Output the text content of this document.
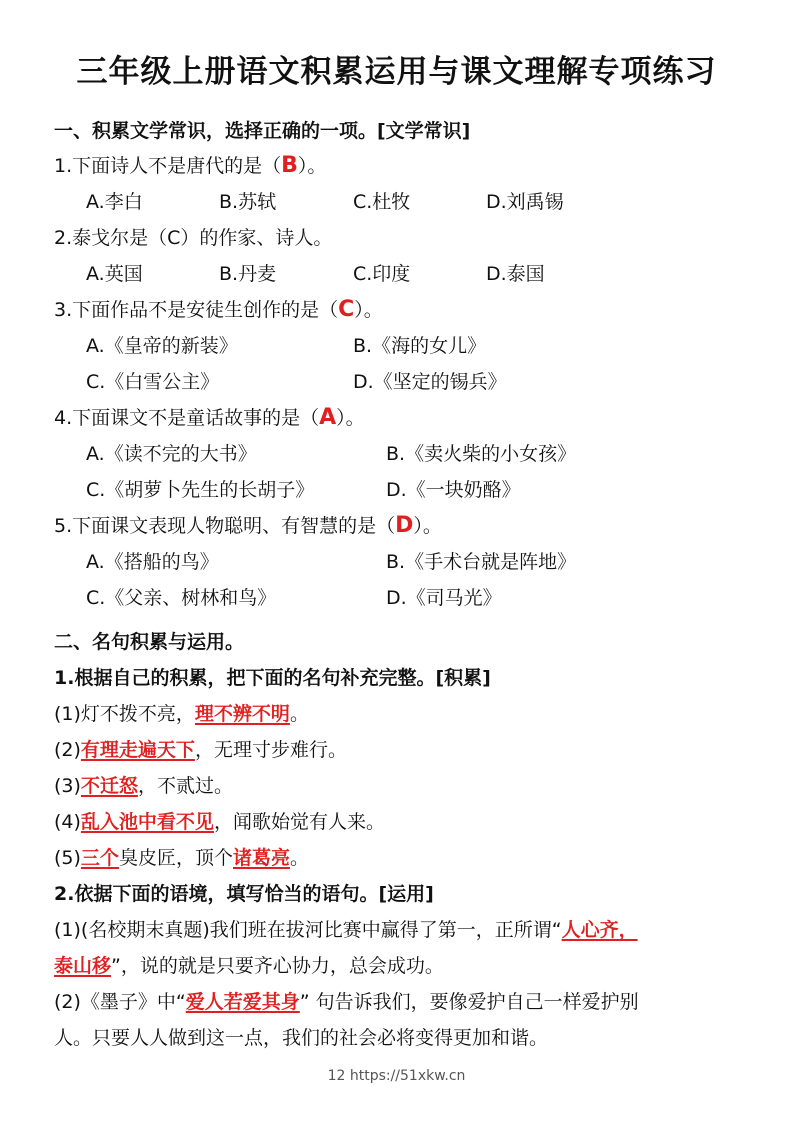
三年级上册语文积累运用与课文理解专项练习
一、积累文学常识，选择正确的一项。[文学常识]
1.下面诗人不是唐代的是（B）。
A.李白	B.苏轼	C.杜牧	D.刘禹锡
2.泰戈尔是（C）的作家、诗人。
A.英国	B.丹麦	C.印度	D.泰国
3.下面作品不是安徒生创作的是（C）。
A.《皇帝的新装》	B.《海的女儿》
C.《白雪公主》	D.《坚定的锡兵》
4.下面课文不是童话故事的是（A）。
A.《读不完的大书》	B.《卖火柴的小女孩》
C.《胡萝卜先生的长胡子》	D.《一块奶酪》
5.下面课文表现人物聪明、有智慧的是（D）。
A.《搭船的鸟》	B.《手术台就是阵地》
C.《父亲、树林和鸟》	D.《司马光》
二、名句积累与运用。
1.根据自己的积累，把下面的名句补充完整。[积累]
(1)灯不拨不亮，理不辨不明。
(2)有理走遍天下，无理寸步难行。
(3)不迁怒，不贰过。
(4)乱入池中看不见，闻歌始觉有人来。
(5)三个臭皮匠，顶个诸葛亮。
2.依据下面的语境，填写恰当的语句。[运用]
(1)(名校期末真题)我们班在拔河比赛中赢得了第一，正所谓“人心齐，
泰山移”，说的就是只要齐心协力，总会成功。
(2)《墨子》中“爱人若爱其身” 句告诉我们，要像爱护自己一样爱护别
人。只要人人做到这一点，我们的社会必将变得更加和谐。
12 https://51xkw.cn
